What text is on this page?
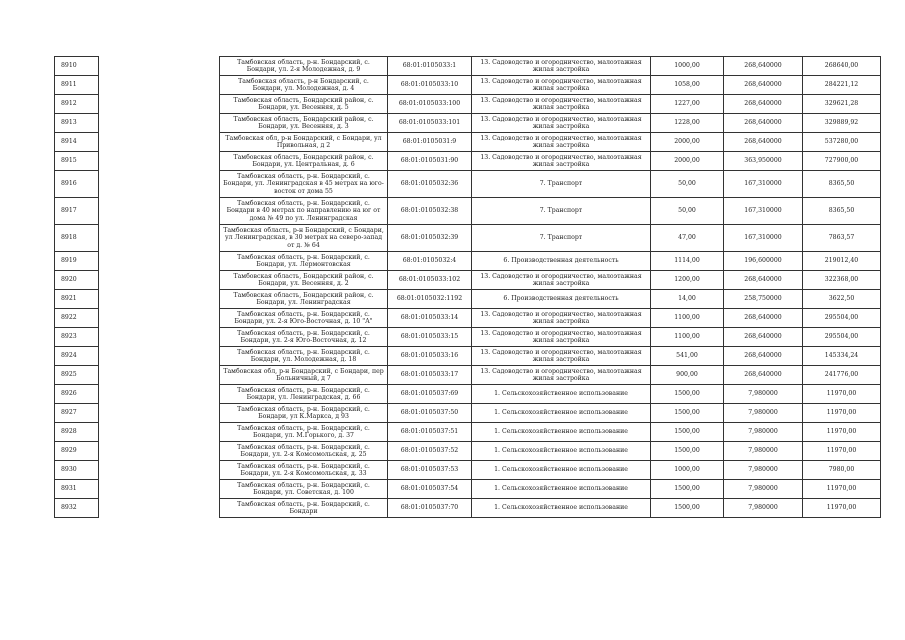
8910		Тамбовская область, р-н. Бондарский, с. Бондари, ул. 2-я Молодежная, д. 9	68:01:0105033:1	13. Садоводство и огородничество, малоэтажная жилая застройка	1000,00	268,640000	268640,00
8911		Тамбовская область, р-н Бондарский, с. Бондари, ул. Молодежная, д. 4	68:01:0105033:10	13. Садоводство и огородничество, малоэтажная жилая застройка	1058,00	268,640000	284221,12
8912		Тамбовская область, Бондарский район, с. Бондари, ул. Весенняя, д. 5	68:01:0105033:100	13. Садоводство и огородничество, малоэтажная жилая застройка	1227,00	268,640000	329621,28
8913		Тамбовская область, Бондарский район, с. Бондари, ул. Весенняя, д. 3	68:01:0105033:101	13. Садоводство и огородничество, малоэтажная жилая застройка	1228,00	268,640000	329889,92
8914		Тамбовская обл, р-н Бондарский, с Бондари, ул Привольная, д 2	68:01:0105031:9	13. Садоводство и огородничество, малоэтажная жилая застройка	2000,00	268,640000	537280,00
8915		Тамбовская область, Бондарский район, с. Бондари, ул. Центральная, д. 6	68:01:0105031:90	13. Садоводство и огородничество, малоэтажная жилая застройка	2000,00	363,950000	727900,00
8916		Тамбовская область, р-н. Бондарский, с. Бондари, ул. Ленинградская в 45 метрах на юго-восток от дома 55	68:01:0105032:36	7. Транспорт	50,00	167,310000	8365,50
8917		Тамбовская область, р-н. Бондарский, с. Бондари в 40 метрах по направлению на юг от дома № 49 по ул. Ленинградская	68:01:0105032:38	7. Транспорт	50,00	167,310000	8365,50
8918		Тамбовская область, р-н Бондарский, с Бондари, ул Ленинградская, в 30 метрах на северо-запад от д. № 64	68:01:0105032:39	7. Транспорт	47,00	167,310000	7863,57
8919		Тамбовская область, р-н. Бондарский, с. Бондари, ул. Лермонтовская	68:01:0105032:4	6. Производственная деятельность	1114,00	196,600000	219012,40
8920		Тамбовская область, Бондарский район, с. Бондари, ул. Весенняя, д. 2	68:01:0105033:102	13. Садоводство и огородничество, малоэтажная жилая застройка	1200,00	268,640000	322368,00
8921		Тамбовская область, Бондарский район, с. Бондари, ул. Ленинградская	68:01:0105032:1192	6. Производственная деятельность	14,00	258,750000	3622,50
8922		Тамбовская область, р-н. Бондарский, с. Бондари, ул. 2-я Юго-Восточная, д. 10 "А"	68:01:0105033:14	13. Садоводство и огородничество, малоэтажная жилая застройка	1100,00	268,640000	295504,00
8923		Тамбовская область, р-н. Бондарский, с. Бондари, ул. 2-я Юго-Восточная, д. 12	68:01:0105033:15	13. Садоводство и огородничество, малоэтажная жилая застройка	1100,00	268,640000	295504,00
8924		Тамбовская область, р-н. Бондарский, с. Бондари, ул. Молодежная, д. 18	68:01:0105033:16	13. Садоводство и огородничество, малоэтажная жилая застройка	541,00	268,640000	145334,24
8925		Тамбовская обл, р-н Бондарский, с Бондари, пер Больничный, д 7	68:01:0105033:17	13. Садоводство и огородничество, малоэтажная жилая застройка	900,00	268,640000	241776,00
8926		Тамбовская область, р-н. Бондарский, с. Бондари, ул. Ленинградская, д. 66	68:01:0105037:69	1. Сельскохозяйственное использование	1500,00	7,980000	11970,00
8927		Тамбовская область, р-н. Бондарский, с. Бондари, ул К.Маркса, д 93	68:01:0105037:50	1. Сельскохозяйственное использование	1500,00	7,980000	11970,00
8928		Тамбовская область, р-н. Бондарский, с. Бондари, ул. М.Горького, д. 37	68:01:0105037:51	1. Сельскохозяйственное использование	1500,00	7,980000	11970,00
8929		Тамбовская область, р-н. Бондарский, с. Бондари, ул. 2-я Комсомольская, д. 25	68:01:0105037:52	1. Сельскохозяйственное использование	1500,00	7,980000	11970,00
8930		Тамбовская область, р-н. Бондарский, с. Бондари, ул. 2-я Комсомольская, д. 33	68:01:0105037:53	1. Сельскохозяйственное использование	1000,00	7,980000	7980,00
8931		Тамбовская область, р-н. Бондарский, с. Бондари, ул. Советская, д. 100	68:01:0105037:54	1. Сельскохозяйственное использование	1500,00	7,980000	11970,00
8932		Тамбовская область, р-н. Бондарский, с. Бондари	68:01:0105037:70	1. Сельскохозяйственное использование	1500,00	7,980000	11970,00
